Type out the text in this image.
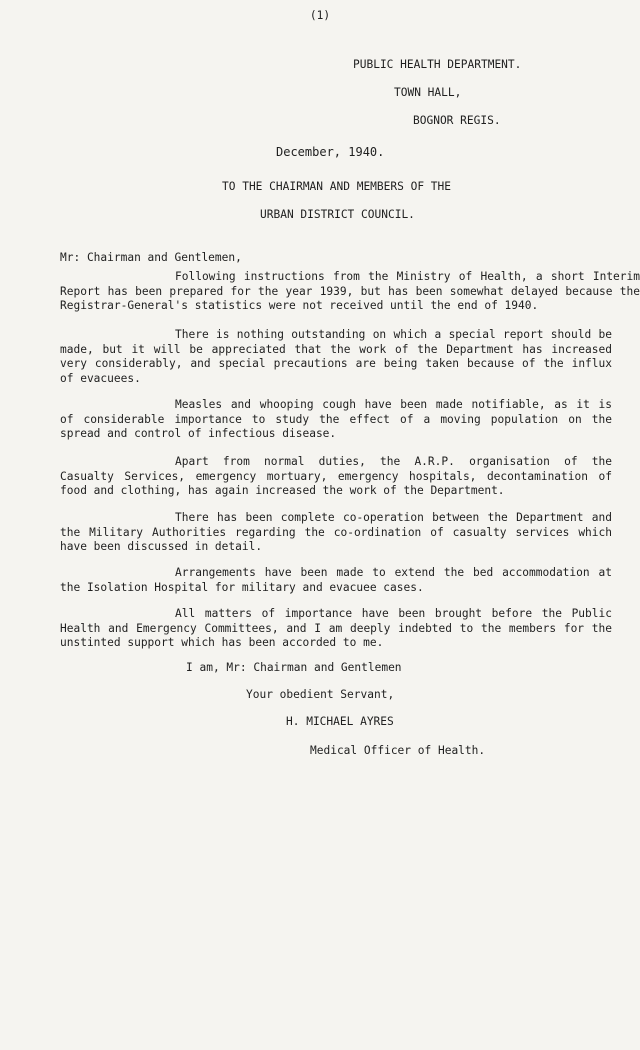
(1)
PUBLIC HEALTH DEPARTMENT.
TOWN HALL,
BOGNOR REGIS.
December, 1940.
TO THE CHAIRMAN AND MEMBERS OF THE
URBAN DISTRICT COUNCIL.
Mr: Chairman and Gentlemen,

Following instructions from the Ministry of Health, a short Interim Report has been prepared for the year 1939, but has been somewhat delayed because the Registrar-General's statistics were not received until the end of 1940.

There is nothing outstanding on which a special report should be made, but it will be appreciated that the work of the Department has increased very considerably, and special precautions are being taken because of the influx of evacuees.

Measles and whooping cough have been made notifiable, as it is of considerable importance to study the effect of a moving population on the spread and control of infectious disease.

Apart from normal duties, the A.R.P. organisation of the Casualty Services, emergency mortuary, emergency hospitals, decontamination of food and clothing, has again increased the work of the Department.

There has been complete co-operation between the Department and the Military Authorities regarding the co-ordination of casualty services which have been discussed in detail.

Arrangements have been made to extend the bed accommodation at the Isolation Hospital for military and evacuee cases.

All matters of importance have been brought before the Public Health and Emergency Committees, and I am deeply indebted to the members for the unstinted support which has been accorded to me.

I am, Mr: Chairman and Gentlemen
Your obedient Servant,
H. MICHAEL AYRES
Medical Officer of Health.
